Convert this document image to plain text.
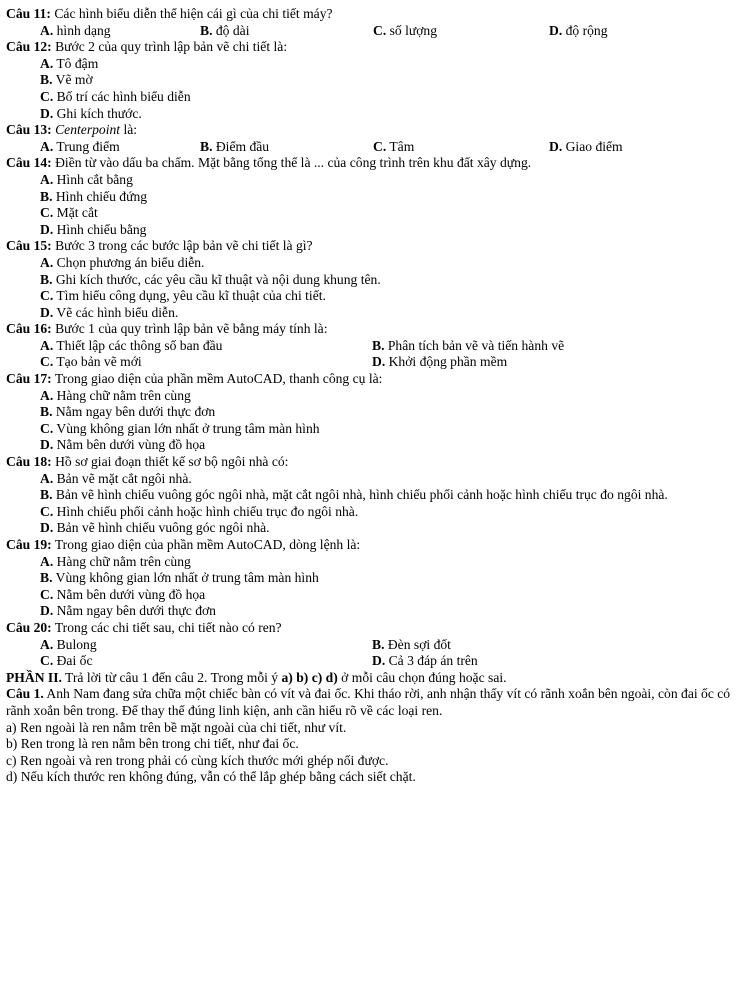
Câu 11: Các hình biểu diễn thể hiện cái gì của chi tiết máy?
A. hình dạng	B. độ dài	C. số lượng	D. độ rộng
Câu 12: Bước 2 của quy trình lập bản vẽ chi tiết là:
A. Tô đậm
B. Vẽ mờ
C. Bố trí các hình biểu diễn
D. Ghi kích thước.
Câu 13: Centerpoint là:
A. Trung điểm	B. Điểm đầu	C. Tâm	D. Giao điểm
Câu 14: Điền từ vào dấu ba chấm. Mặt bằng tổng thể là ... của công trình trên khu đất xây dựng.
A. Hình cắt bằng
B. Hình chiếu đứng
C. Mặt cắt
D. Hình chiếu bằng
Câu 15: Bước 3 trong các bước lập bản vẽ chi tiết là gì?
A. Chọn phương án biểu diễn.
B. Ghi kích thước, các yêu cầu kĩ thuật và nội dung khung tên.
C. Tìm hiểu công dụng, yêu cầu kĩ thuật của chi tiết.
D. Vẽ các hình biểu diễn.
Câu 16: Bước 1 của quy trình lập bản vẽ bằng máy tính là:
A. Thiết lập các thông số ban đầu	B. Phân tích bản vẽ và tiến hành vẽ
C. Tạo bản vẽ mới	D. Khởi động phần mềm
Câu 17: Trong giao diện của phần mềm AutoCAD, thanh công cụ là:
A. Hàng chữ nằm trên cùng
B. Nằm ngay bên dưới thực đơn
C. Vùng không gian lớn nhất ở trung tâm màn hình
D. Nằm bên dưới vùng đồ họa
Câu 18: Hồ sơ giai đoạn thiết kế sơ bộ ngôi nhà có:
A. Bản vẽ mặt cắt ngôi nhà.
B. Bản vẽ hình chiếu vuông góc ngôi nhà, mặt cắt ngôi nhà, hình chiếu phối cảnh hoặc hình chiếu trục đo ngôi nhà.
C. Hình chiếu phối cảnh hoặc hình chiếu trục đo ngôi nhà.
D. Bản vẽ hình chiếu vuông góc ngôi nhà.
Câu 19: Trong giao diện của phần mềm AutoCAD, dòng lệnh là:
A. Hàng chữ nằm trên cùng
B. Vùng không gian lớn nhất ở trung tâm màn hình
C. Nằm bên dưới vùng đồ họa
D. Nằm ngay bên dưới thực đơn
Câu 20: Trong các chi tiết sau, chi tiết nào có ren?
A. Bulong	B. Đèn sợi đốt
C. Đai ốc	D. Cả 3 đáp án trên
PHẦN II. Trả lời từ câu 1 đến câu 2. Trong mỗi ý a) b) c) d) ở mỗi câu chọn đúng hoặc sai.
Câu 1. Anh Nam đang sửa chữa một chiếc bàn có vít và đai ốc. Khi tháo rời, anh nhận thấy vít có rãnh xoắn bên ngoài, còn đai ốc có rãnh xoắn bên trong. Để thay thế đúng linh kiện, anh cần hiểu rõ về các loại ren.
a) Ren ngoài là ren nằm trên bề mặt ngoài của chi tiết, như vít.
b) Ren trong là ren nằm bên trong chi tiết, như đai ốc.
c) Ren ngoài và ren trong phải có cùng kích thước mới ghép nối được.
d) Nếu kích thước ren không đúng, vẫn có thể lắp ghép bằng cách siết chặt.
